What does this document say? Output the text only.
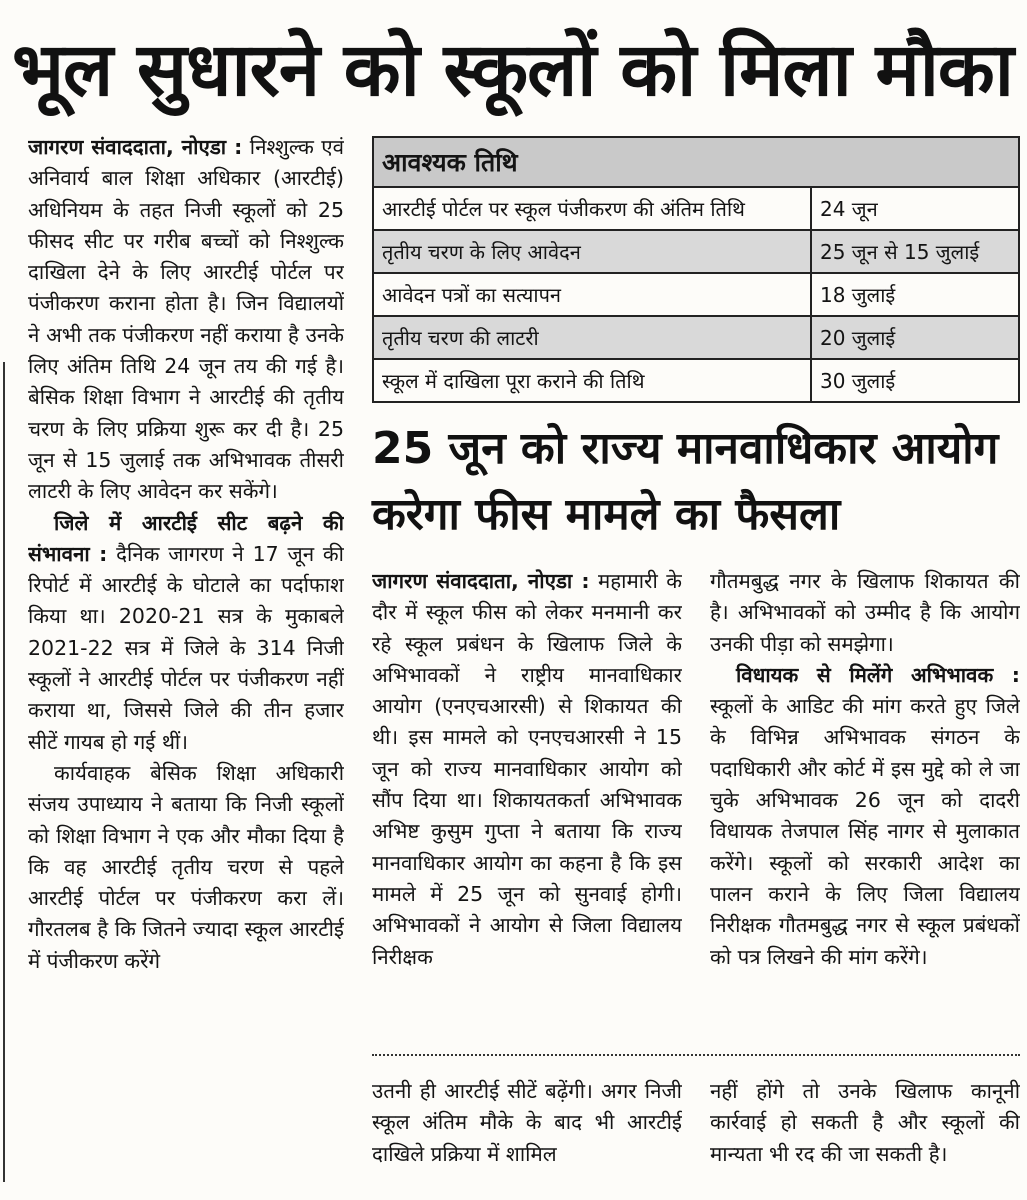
भूल सुधारने को स्कूलों को मिला मौका

जागरण संवाददाता, नोएडा : निश्शुल्क एवं अनिवार्य बाल शिक्षा अधिकार (आरटीई) अधिनियम के तहत निजी स्कूलों को 25 फीसद सीट पर गरीब बच्चों को निश्शुल्क दाखिला देने के लिए आरटीई पोर्टल पर पंजीकरण कराना होता है। जिन विद्यालयों ने अभी तक पंजीकरण नहीं कराया है उनके लिए अंतिम तिथि 24 जून तय की गई है। बेसिक शिक्षा विभाग ने आरटीई की तृतीय चरण के लिए प्रक्रिया शुरू कर दी है। 25 जून से 15 जुलाई तक अभिभावक तीसरी लाटरी के लिए आवेदन कर सकेंगे।

जिले में आरटीई सीट बढ़ने की संभावना : दैनिक जागरण ने 17 जून की रिपोर्ट में आरटीई के घोटाले का पर्दाफाश किया था। 2020-21 सत्र के मुकाबले 2021-22 सत्र में जिले के 314 निजी स्कूलों ने आरटीई पोर्टल पर पंजीकरण नहीं कराया था, जिससे जिले की तीन हजार सीटें गायब हो गई थीं।

कार्यवाहक बेसिक शिक्षा अधिकारी संजय उपाध्याय ने बताया कि निजी स्कूलों को शिक्षा विभाग ने एक और मौका दिया है कि वह आरटीई तृतीय चरण से पहले आरटीई पोर्टल पर पंजीकरण करा लें। गौरतलब है कि जितने ज्यादा स्कूल आरटीई में पंजीकरण करेंगे

आवश्यक तिथि	
आरटीई पोर्टल पर स्कूल पंजीकरण की अंतिम तिथि	24 जून
तृतीय चरण के लिए आवेदन	25 जून से 15 जुलाई
आवेदन पत्रों का सत्यापन	18 जुलाई
तृतीय चरण की लाटरी	20 जुलाई
स्कूल में दाखिला पूरा कराने की तिथि	30 जुलाई
25 जून को राज्य मानवाधिकार आयोग करेगा फीस मामले का फैसला

जागरण संवाददाता, नोएडा : महामारी के दौर में स्कूल फीस को लेकर मनमानी कर रहे स्कूल प्रबंधन के खिलाफ जिले के अभिभावकों ने राष्ट्रीय मानवाधिकार आयोग (एनएचआरसी) से शिकायत की थी। इस मामले को एनएचआरसी ने 15 जून को राज्य मानवाधिकार आयोग को सौंप दिया था। शिकायतकर्ता अभिभावक अभिष्ट कुसुम गुप्ता ने बताया कि राज्य मानवाधिकार आयोग का कहना है कि इस मामले में 25 जून को सुनवाई होगी। अभिभावकों ने आयोग से जिला विद्यालय निरीक्षक

गौतमबुद्ध नगर के खिलाफ शिकायत की है। अभिभावकों को उम्मीद है कि आयोग उनकी पीड़ा को समझेगा।

विधायक से मिलेंगे अभिभावक : स्कूलों के आडिट की मांग करते हुए जिले के विभिन्न अभिभावक संगठन के पदाधिकारी और कोर्ट में इस मुद्दे को ले जा चुके अभिभावक 26 जून को दादरी विधायक तेजपाल सिंह नागर से मुलाकात करेंगे। स्कूलों को सरकारी आदेश का पालन कराने के लिए जिला विद्यालय निरीक्षक गौतमबुद्ध नगर से स्कूल प्रबंधकों को पत्र लिखने की मांग करेंगे।

उतनी ही आरटीई सीटें बढ़ेंगी। अगर निजी स्कूल अंतिम मौके के बाद भी आरटीई दाखिले प्रक्रिया में शामिल

नहीं होंगे तो उनके खिलाफ कानूनी कार्रवाई हो सकती है और स्कूलों की मान्यता भी रद की जा सकती है।
